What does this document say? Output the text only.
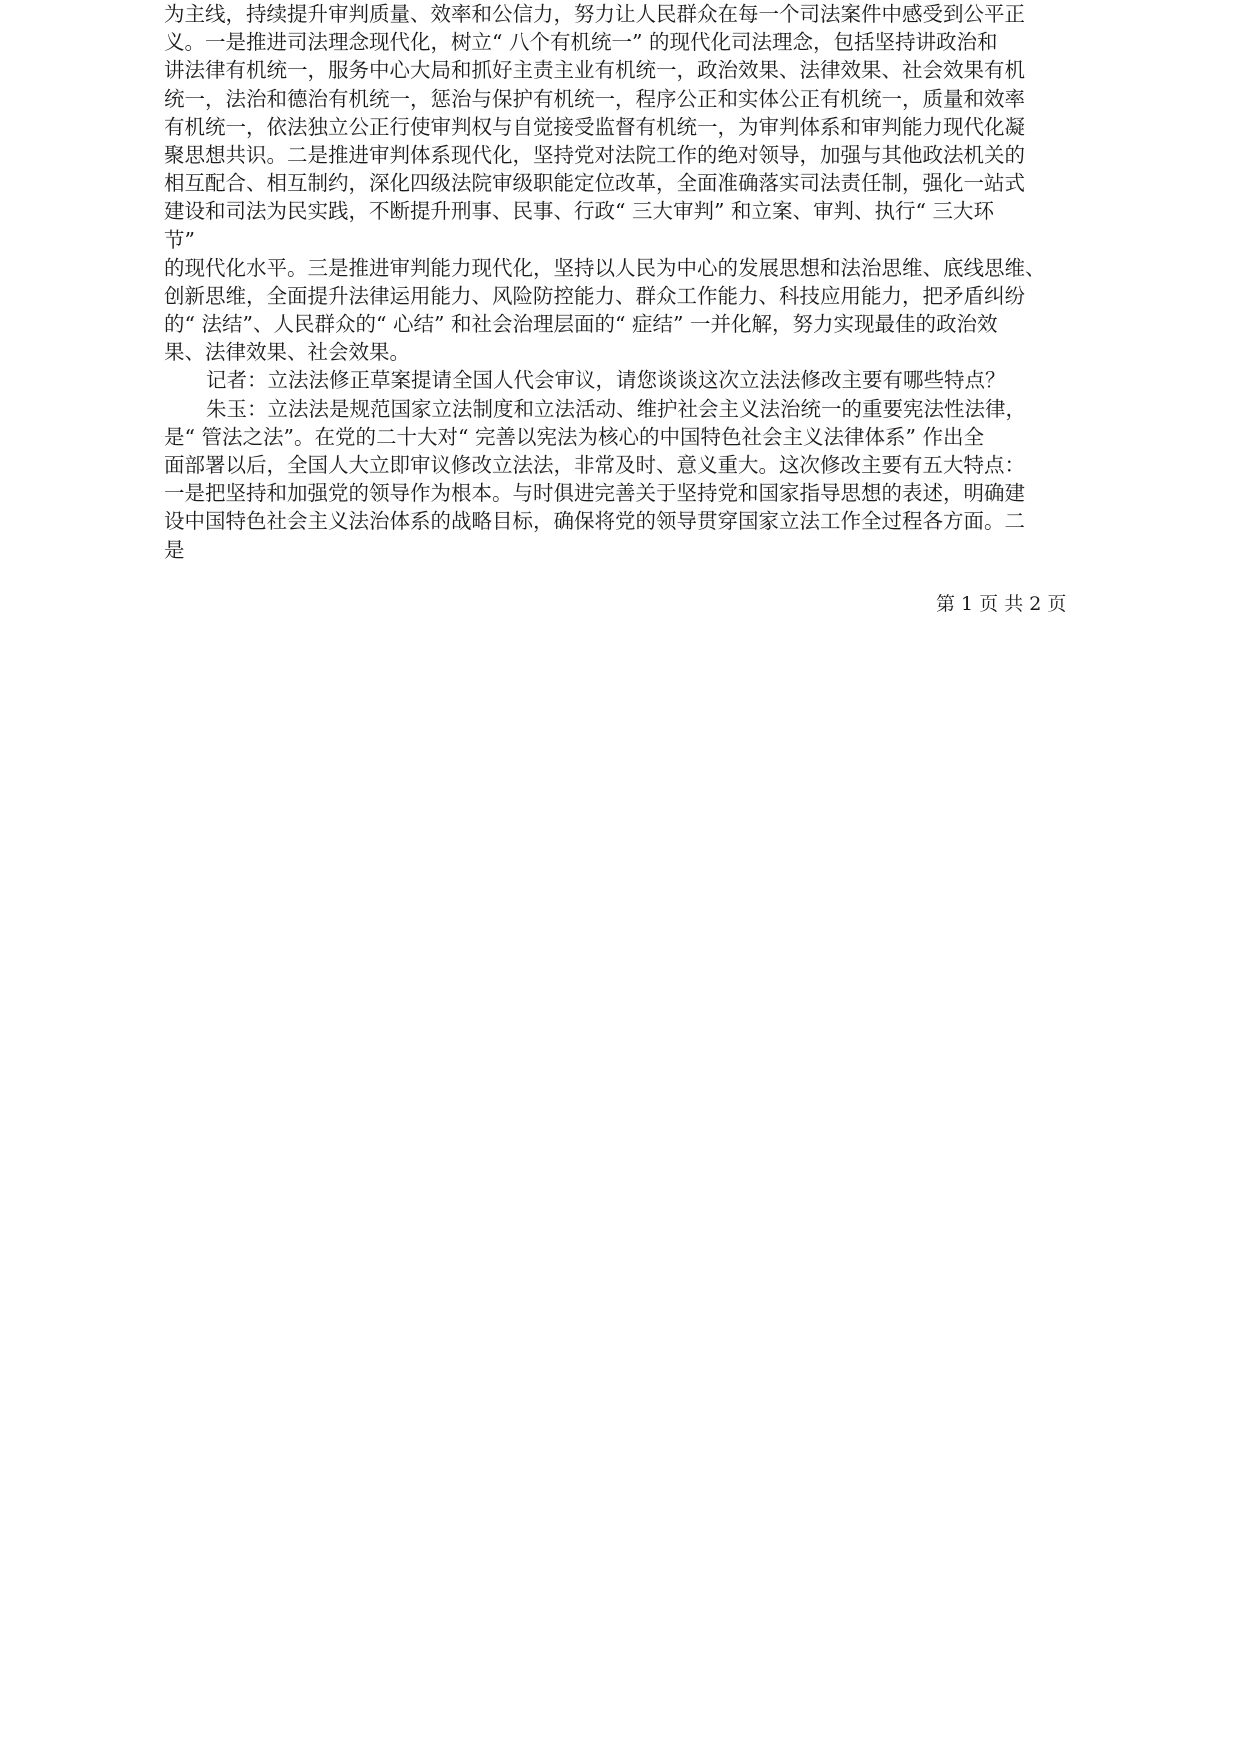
为主线，持续提升审判质量、效率和公信力，努力让人民群众在每一个司法案件中感受到公平正
义。一是推进司法理念现代化，树立“ 八个有机统一” 的现代化司法理念，包括坚持讲政治和
讲法律有机统一，服务中心大局和抓好主责主业有机统一，政治效果、法律效果、社会效果有机
统一，法治和德治有机统一，惩治与保护有机统一，程序公正和实体公正有机统一，质量和效率
有机统一，依法独立公正行使审判权与自觉接受监督有机统一，为审判体系和审判能力现代化凝
聚思想共识。二是推进审判体系现代化，坚持党对法院工作的绝对领导，加强与其他政法机关的
相互配合、相互制约，深化四级法院审级职能定位改革，全面准确落实司法责任制，强化一站式
建设和司法为民实践，不断提升刑事、民事、行政“ 三大审判” 和立案、审判、执行“ 三大环
节”
的现代化水平。三是推进审判能力现代化，坚持以人民为中心的发展思想和法治思维、底线思维、
创新思维，全面提升法律运用能力、风险防控能力、群众工作能力、科技应用能力，把矛盾纠纷
的“ 法结”、人民群众的“ 心结” 和社会治理层面的“ 症结” 一并化解，努力实现最佳的政治效
果、法律效果、社会效果。
记者：立法法修正草案提请全国人代会审议，请您谈谈这次立法法修改主要有哪些特点？
朱玉：立法法是规范国家立法制度和立法活动、维护社会主义法治统一的重要宪法性法律，
是“ 管法之法”。在党的二十大对“ 完善以宪法为核心的中国特色社会主义法律体系” 作出全
面部署以后，全国人大立即审议修改立法法，非常及时、意义重大。这次修改主要有五大特点：
一是把坚持和加强党的领导作为根本。与时俱进完善关于坚持党和国家指导思想的表述，明确建
设中国特色社会主义法治体系的战略目标，确保将党的领导贯穿国家立法工作全过程各方面。二
是
第 1 页 共 2 页
